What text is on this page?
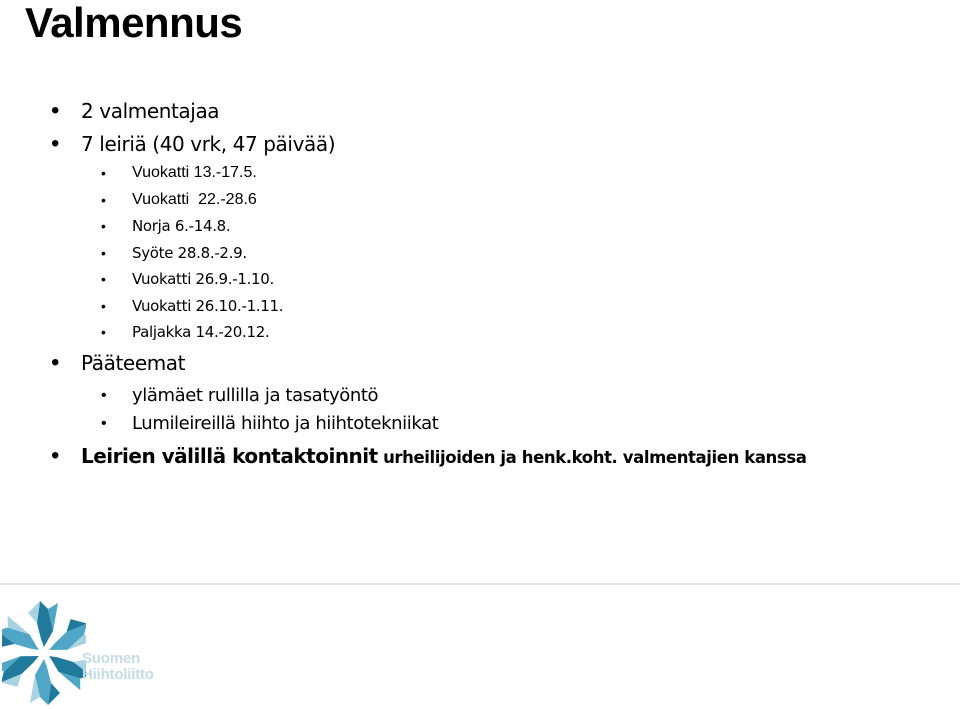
Valmennus
• 2 valmentajaa
• 7 leiriä (40 vrk, 47 päivää)
• Vuokatti 13.-17.5.
• Vuokatti  22.-28.6
• Norja 6.-14.8.
• Syöte 28.8.-2.9.
• Vuokatti 26.9.-1.10.
• Vuokatti 26.10.-1.11.
• Paljakka 14.-20.12.
• Pääteemat
• ylämäet rullilla ja tasatyöntö
• Lumileireillä hiihto ja hiihtotekniikat
• Leirien välillä kontaktoinnit urheilijoiden ja henk.koht. valmentajien kanssa
Suomen
Hiihtoliitto
